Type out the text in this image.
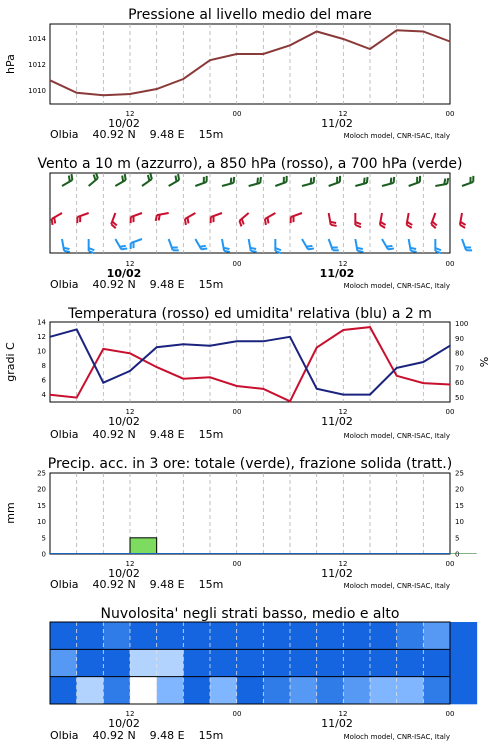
Pressione al livello medio del mare
hPa
1014
1012
1010
12	00	12	00
10/02	11/02
Olbia    40.92 N    9.48 E    15m	Moloch model, CNR-ISAC, Italy
Vento a 10 m (azzurro), a 850 hPa (rosso), a 700 hPa (verde)
12	00	12	00
10/02	11/02
Olbia    40.92 N    9.48 E    15m	Moloch model, CNR-ISAC, Italy
Temperatura (rosso) ed umidita' relativa (blu) a 2 m
gradi C	%
4
6
8
10
12
14
50
60
70
80
90
100
12	00	12	00
10/02	11/02
Olbia    40.92 N    9.48 E    15m	Moloch model, CNR-ISAC, Italy
Precip. acc. in 3 ore: totale (verde), frazione solida (tratt.)
mm
0
5
10
15
20
25
0
5
10
15
20
25
12	00	12	00
10/02	11/02
Olbia    40.92 N    9.48 E    15m	Moloch model, CNR-ISAC, Italy
Nuvolosita' negli strati basso, medio e alto
12	00	12	00
10/02	11/02
Olbia    40.92 N    9.48 E    15m	Moloch model, CNR-ISAC, Italy
